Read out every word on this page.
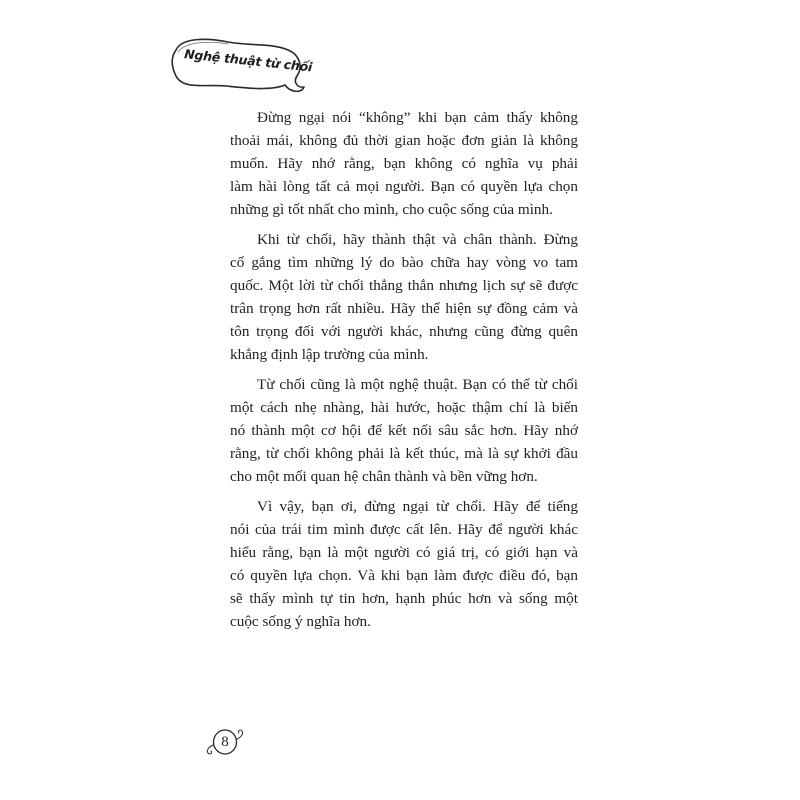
Nghệ thuật từ chối
Đừng ngại nói “không” khi bạn cảm thấy không
thoải mái, không đủ thời gian hoặc đơn giản là không
muốn. Hãy nhớ rằng, bạn không có nghĩa vụ phải
làm hài lòng tất cả mọi người. Bạn có quyền lựa chọn
những gì tốt nhất cho mình, cho cuộc sống của mình.
Khi từ chối, hãy thành thật và chân thành. Đừng
cố gắng tìm những lý do bào chữa hay vòng vo tam
quốc. Một lời từ chối thẳng thắn nhưng lịch sự sẽ được
trân trọng hơn rất nhiều. Hãy thể hiện sự đồng cảm và
tôn trọng đối với người khác, nhưng cũng đừng quên
khẳng định lập trường của mình.
Từ chối cũng là một nghệ thuật. Bạn có thể từ chối
một cách nhẹ nhàng, hài hước, hoặc thậm chí là biến
nó thành một cơ hội để kết nối sâu sắc hơn. Hãy nhớ
rằng, từ chối không phải là kết thúc, mà là sự khởi đầu
cho một mối quan hệ chân thành và bền vững hơn.
Vì vậy, bạn ơi, đừng ngại từ chối. Hãy để tiếng
nói của trái tim mình được cất lên. Hãy để người khác
hiểu rằng, bạn là một người có giá trị, có giới hạn và
có quyền lựa chọn. Và khi bạn làm được điều đó, bạn
sẽ thấy mình tự tin hơn, hạnh phúc hơn và sống một
cuộc sống ý nghĩa hơn.
8
